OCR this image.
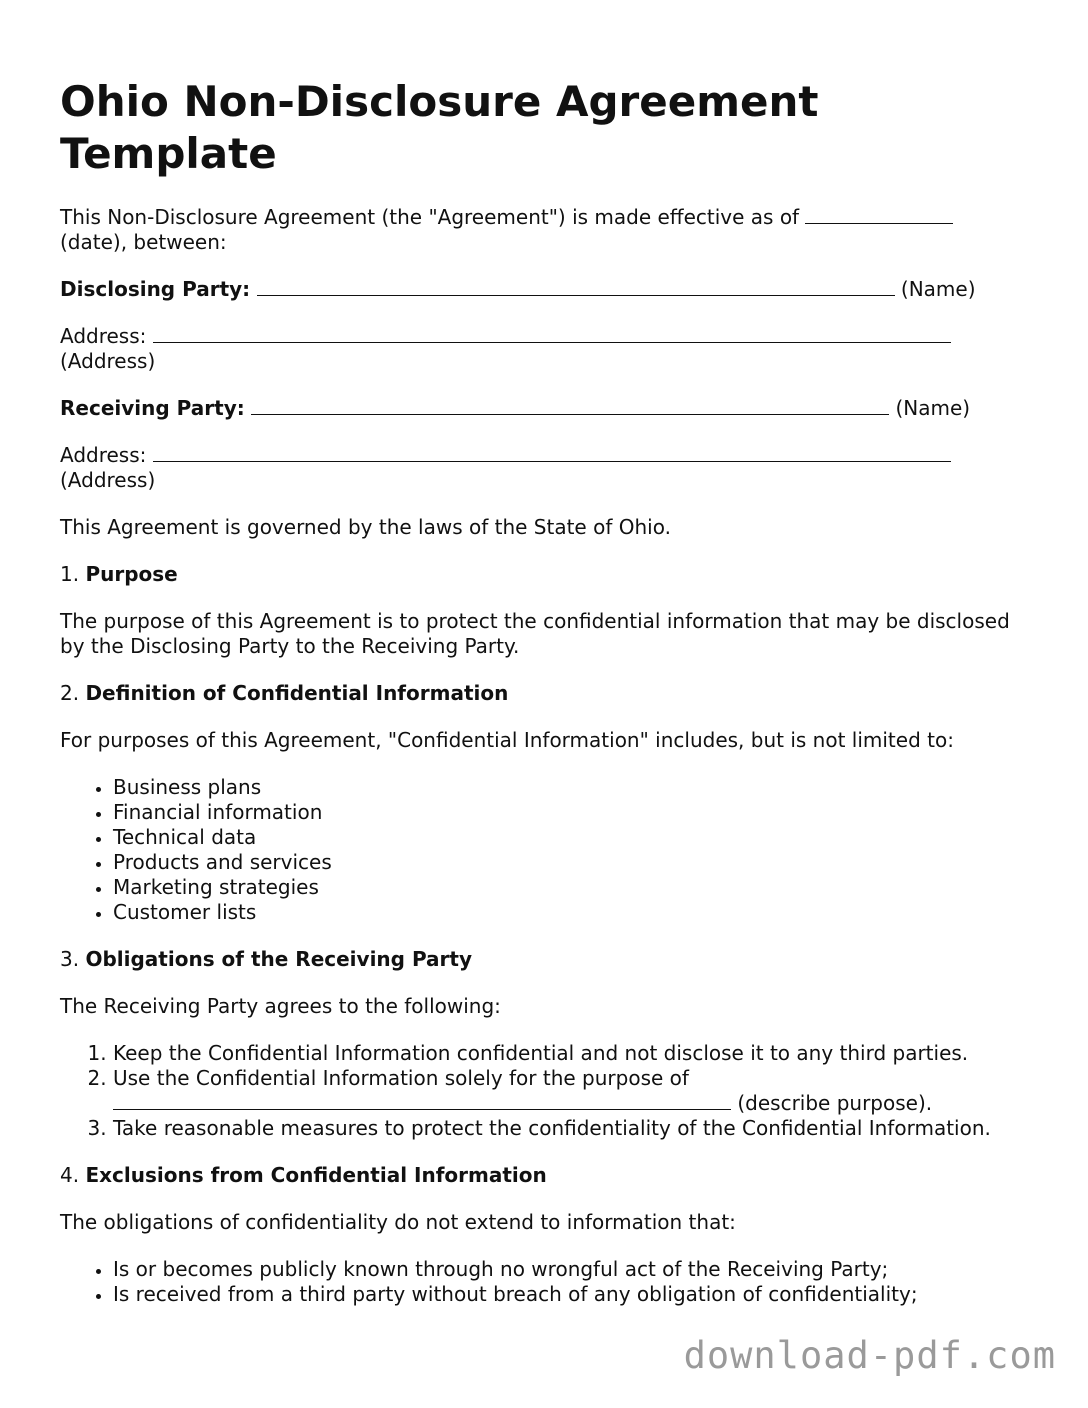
Ohio Non-Disclosure Agreement Template

This Non-Disclosure Agreement (the "Agreement") is made effective as of
(date), between:

Disclosing Party:	(Name)

Address:
(Address)

Receiving Party:	(Name)

Address:
(Address)

This Agreement is governed by the laws of the State of Ohio.

1. Purpose

The purpose of this Agreement is to protect the confidential information that may be disclosed by the Disclosing Party to the Receiving Party.

2. Definition of Confidential Information

For purposes of this Agreement, "Confidential Information" includes, but is not limited to:

• Business plans
• Financial information
• Technical data
• Products and services
• Marketing strategies
• Customer lists

3. Obligations of the Receiving Party

The Receiving Party agrees to the following:

1. Keep the Confidential Information confidential and not disclose it to any third parties.
2. Use the Confidential Information solely for the purpose of
(describe purpose).
3. Take reasonable measures to protect the confidentiality of the Confidential Information.

4. Exclusions from Confidential Information

The obligations of confidentiality do not extend to information that:

• Is or becomes publicly known through no wrongful act of the Receiving Party;
• Is received from a third party without breach of any obligation of confidentiality;
download-pdf.com
